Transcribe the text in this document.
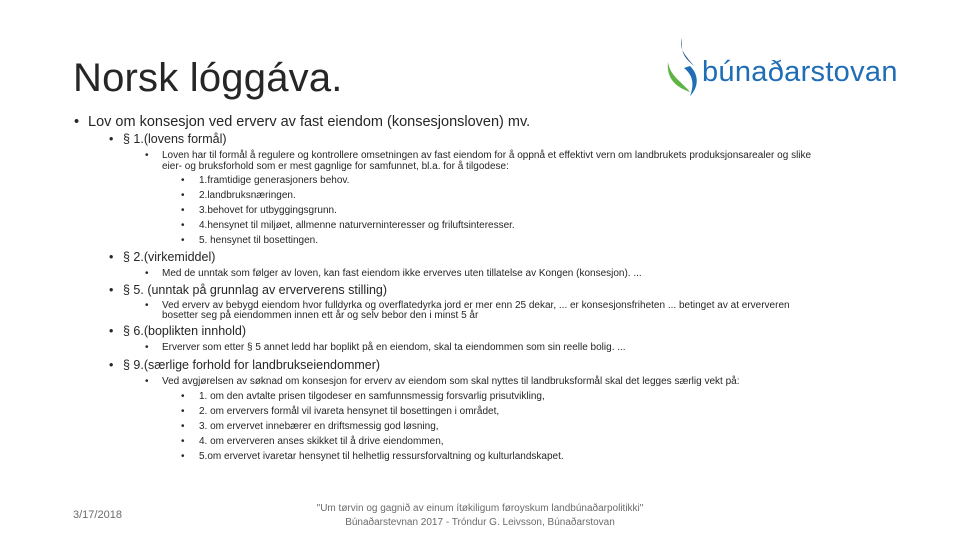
Norsk lóggáva.	búnaðarstovan
• Lov om konsesjon ved erverv av fast eiendom (konsesjonsloven) mv.
• § 1.(lovens formål)
• Loven har til formål å regulere og kontrollere omsetningen av fast eiendom for å oppnå et effektivt vern om landbrukets produksjonsarealer og slike
eier- og bruksforhold som er mest gagnlige for samfunnet, bl.a. for å tilgodese:
• 1.framtidige generasjoners behov.
• 2.landbruksnæringen.
• 3.behovet for utbyggingsgrunn.
• 4.hensynet til miljøet, allmenne naturverninteresser og friluftsinteresser.
• 5. hensynet til bosettingen.
• § 2.(virkemiddel)
• Med de unntak som følger av loven, kan fast eiendom ikke erverves uten tillatelse av Kongen (konsesjon). ...
• § 5. (unntak på grunnlag av erververens stilling)
• Ved erverv av bebygd eiendom hvor fulldyrka og overflatedyrka jord er mer enn 25 dekar, ... er konsesjonsfriheten ... betinget av at erververen
bosetter seg på eiendommen innen ett år og selv bebor den i minst 5 år
• § 6.(boplikten innhold)
• Erverver som etter § 5 annet ledd har boplikt på en eiendom, skal ta eiendommen som sin reelle bolig. ...
• § 9.(særlige forhold for landbrukseiendommer)
• Ved avgjørelsen av søknad om konsesjon for erverv av eiendom som skal nyttes til landbruksformål skal det legges særlig vekt på:
• 1. om den avtalte prisen tilgodeser en samfunnsmessig forsvarlig prisutvikling,
• 2. om erververs formål vil ivareta hensynet til bosettingen i området,
• 3. om ervervet innebærer en driftsmessig god løsning,
• 4. om erververen anses skikket til å drive eiendommen,
• 5.om ervervet ivaretar hensynet til helhetlig ressursforvaltning og kulturlandskapet.
3/17/2018
"Um tørvin og gagnið av einum ítøkiligum føroyskum landbúnaðarpolitikki"
Búnaðarstevnan 2017 - Tróndur G. Leivsson, Búnaðarstovan
